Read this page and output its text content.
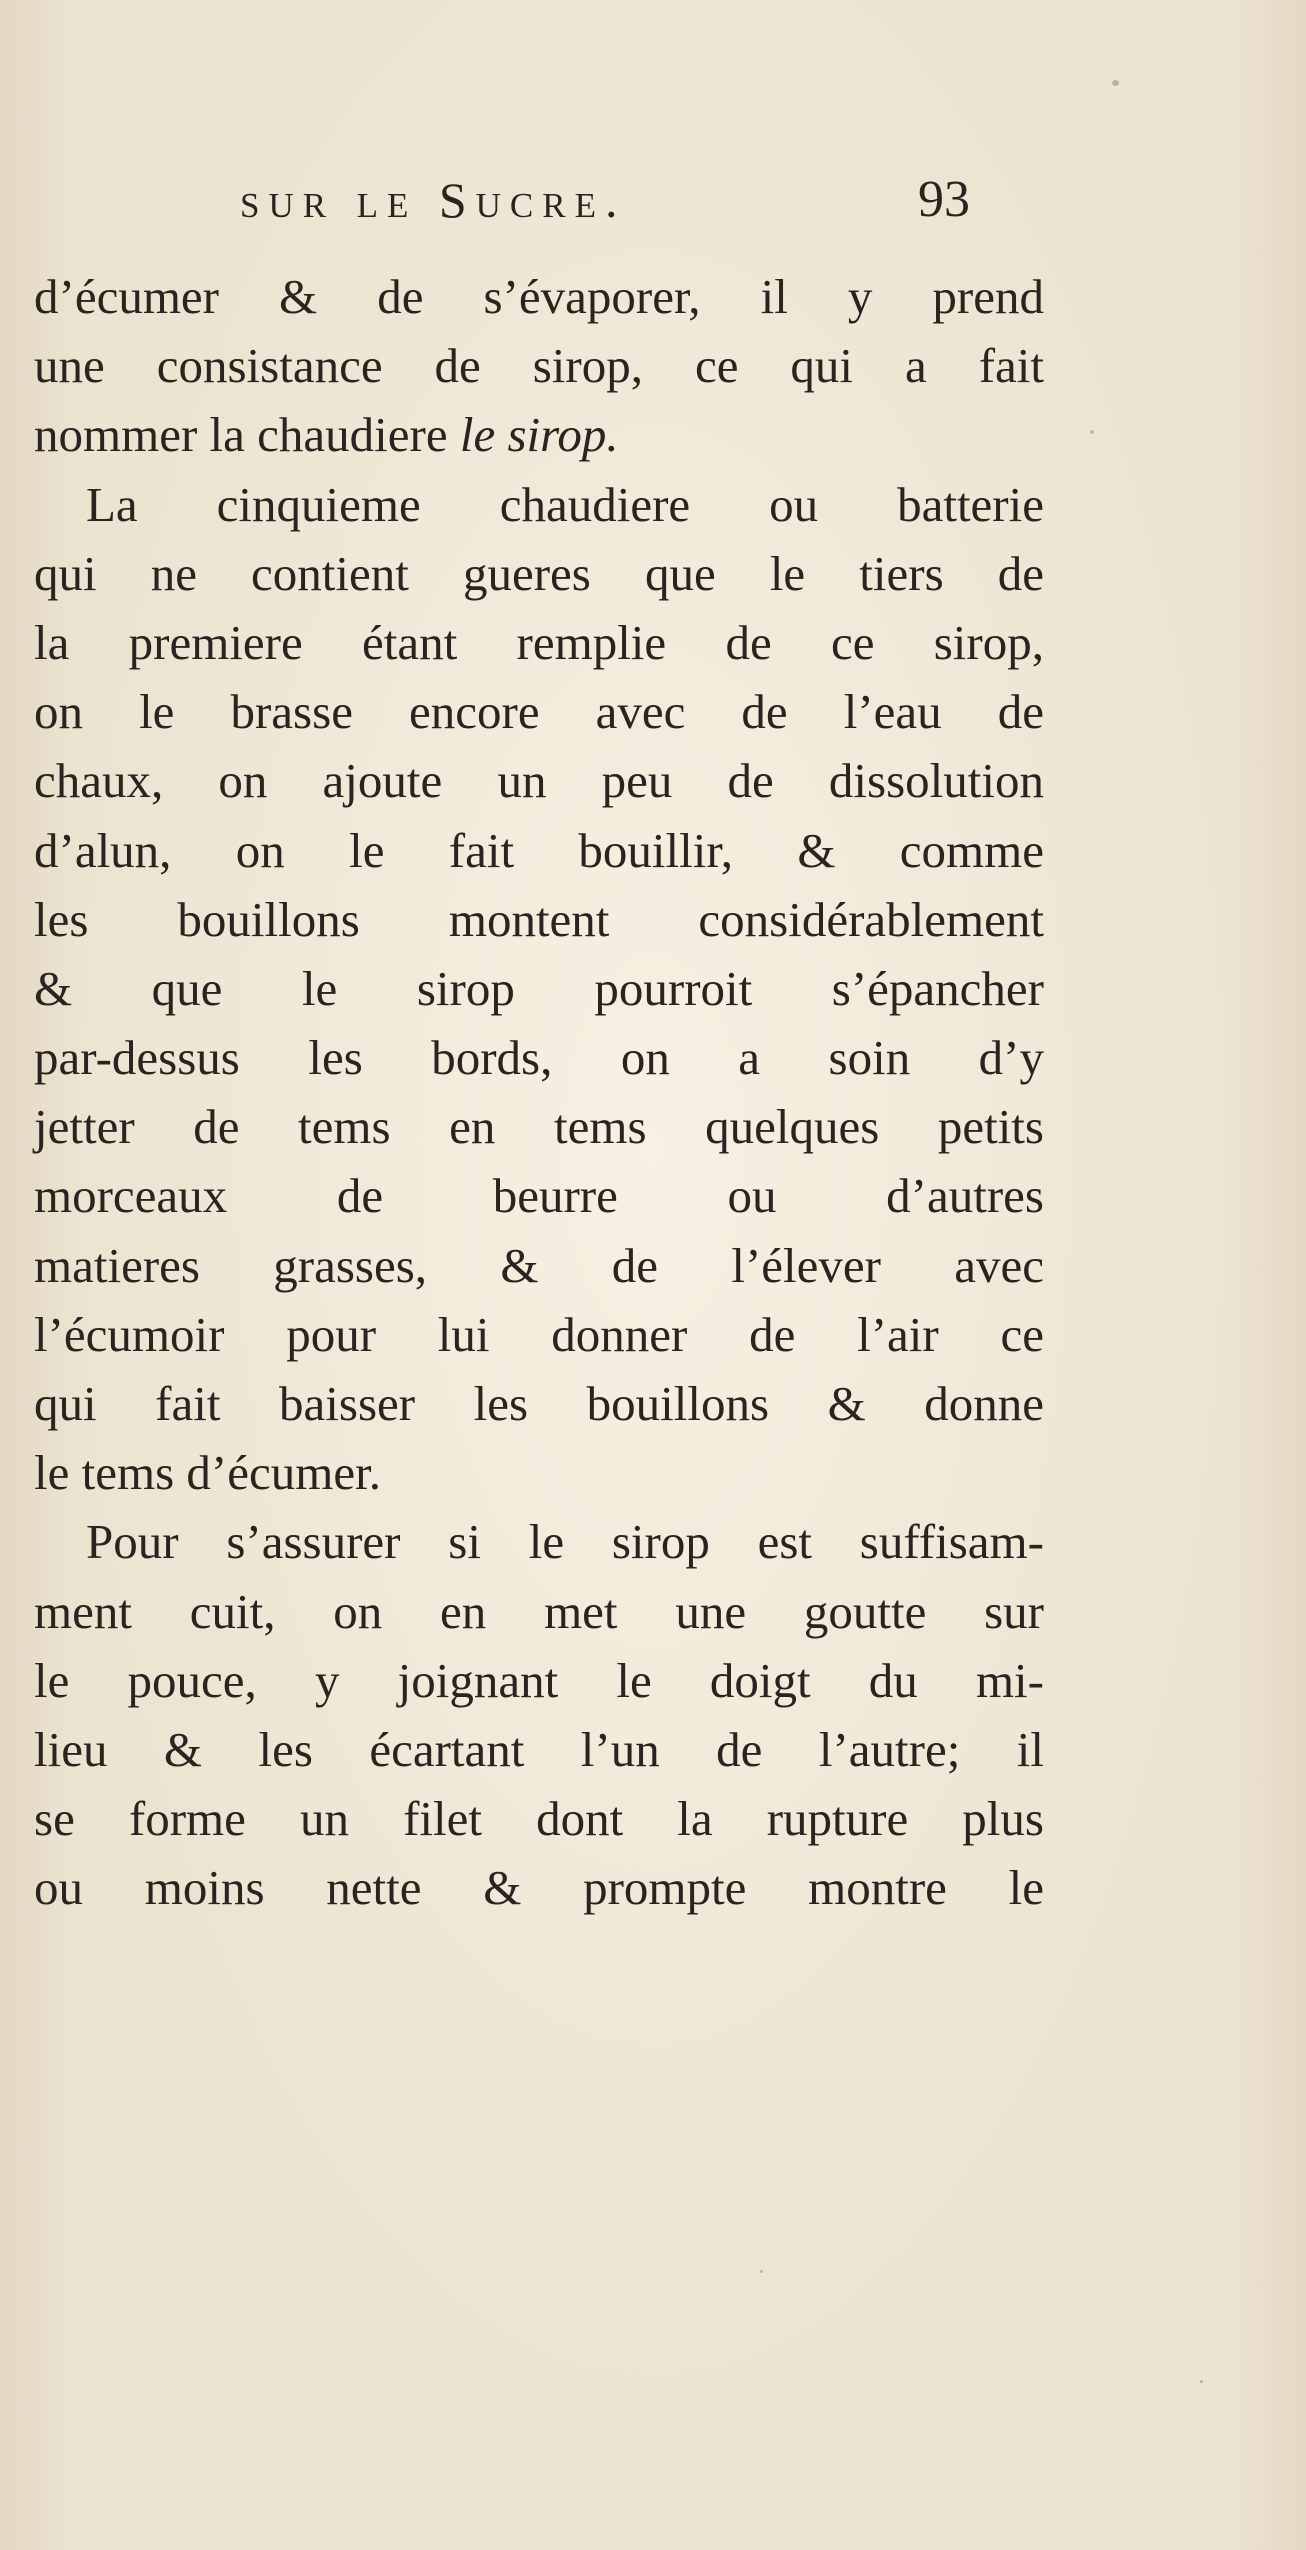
sur le Sucre.	93
d’écumer & de s’évaporer, il y prend
une consistance de sirop, ce qui a fait
nommer la chaudiere le sirop.
La cinquieme chaudiere ou batterie
qui ne contient gueres que le tiers de
la premiere étant remplie de ce sirop,
on le brasse encore avec de l’eau de
chaux, on ajoute un peu de dissolution
d’alun, on le fait bouillir, & comme
les bouillons montent considérablement
& que le sirop pourroit s’épancher
par-dessus les bords, on a soin d’y
jetter de tems en tems quelques petits
morceaux de beurre ou d’autres
matieres grasses, & de l’élever avec
l’écumoir pour lui donner de l’air ce
qui fait baisser les bouillons & donne
le tems d’écumer.
Pour s’assurer si le sirop est suffisam-
ment cuit, on en met une goutte sur
le pouce, y joignant le doigt du mi-
lieu & les écartant l’un de l’autre; il
se forme un filet dont la rupture plus
ou moins nette & prompte montre le
